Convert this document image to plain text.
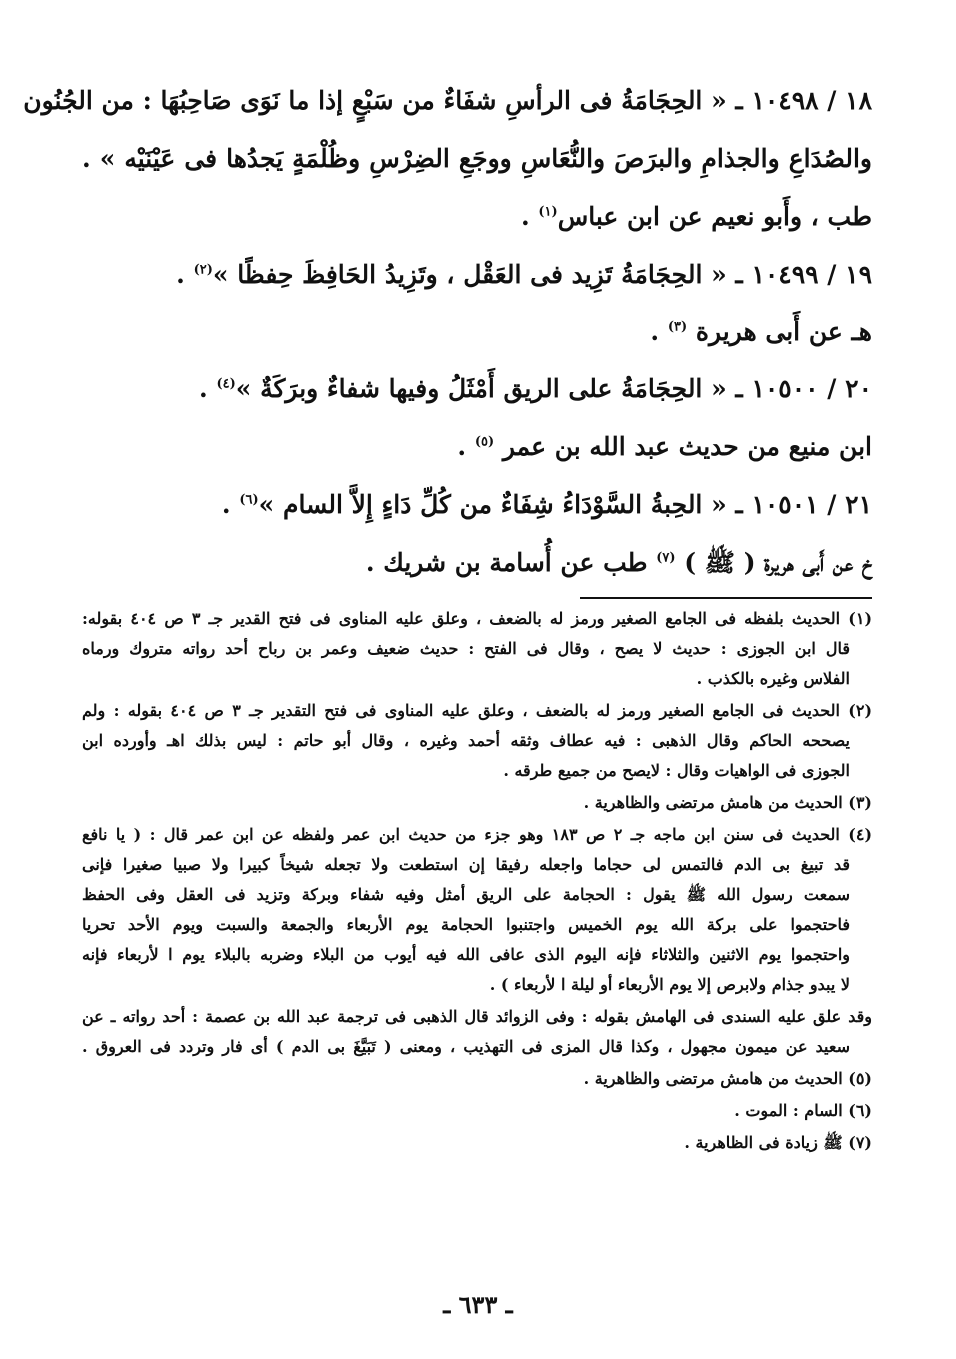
١٨ / ١٠٤٩٨ ـ « الحِجَامَةُ فى الرأسِ شفَاءٌ من سَبْعٍ إذا ما نَوَى صَاحِبُهَا : من الجُنُون
والصُدَاعِ والجذامِ والبرَصَ والنُّعَاسِ ووجَعِ الضِرْسِ وظُلْمَةٍ يَجدُها فى عَيْنَيْه » .
طب ، وأَبو نعيم عن ابن عباس$^{(١)}$ .
١٩ / ١٠٤٩٩ ـ « الحِجَامَةُ تَزِيد فى العَقْل ، وتَزِيدُ الحَافِظَ حِفظًا »$^{(٢)}$ .
هـ عن أَبى هريرة $^{(٣)}$ .
٢٠ / ١٠٥٠٠ ـ « الحِجَامَةُ على الريق أَمْثَلُ وفيها شفاءٌ وبرَكَةٌ »$^{(٤)}$ .
ابن منيع من حديث عبد الله بن عمر $^{(٥)}$ .
٢١ / ١٠٥٠١ ـ « الحِبةُ السَّوْدَاءُ شِفَاءٌ من كُلِّ دَاءٍ إِلاَّ السام »$^{(٦)}$ .
خ عن أَبى هريرة ( ﷺ ) $^{(٧)}$ طب عن أُسامة بن شريك .
(١) الحديث بلفظه فى الجامع الصغير ورمز له بالضعف ، وعلق عليه المناوى فى فتح القدير جـ ٣ ص ٤٠٤ بقوله:
قال ابن الجوزى : حديث لا يصح ، وقال فى الفتح : حديث ضعيف وعمر بن رباح أحد رواته متروك ورماه
الفلاس وغيره بالكذب .
(٢) الحديث فى الجامع الصغير ورمز له بالضعف ، وعلق عليه المناوى فى فتح التقدير جـ ٣ ص ٤٠٤ بقوله : ولم
يصححه الحاكم وقال الذهبى : فيه عطاف وثقه أحمد وغيره ، وقال أبو حاتم : ليس بذلك اهـ وأورده ابن
الجوزى فى الواهيات وقال : لايصح من جميع طرقه .
(٣) الحديث من هامش مرتضى والظاهرية .
(٤) الحديث فى سنن ابن ماجه جـ ٢ ص ١٨٣ وهو جزء من حديث ابن عمر ولفظه عن ابن عمر قال : ( يا نافع
قد تبيغ بى الدم فالتمس لى حجاما واجعله رفيقا إن استطعت ولا تجعله شيخاً كبيرا ولا صبيا صغيرا فإنى
سمعت رسول الله ﷺ يقول : الحجامة على الريق أمثل وفيه شفاء وبركة وتزيد فى العقل وفى الحفظ
فاحتجموا على بركة الله يوم الخميس واجتنبوا الحجامة يوم الأربعاء والجمعة والسبت ويوم الأحد تحريا
واحتجموا يوم الاثنين والثلاثاء فإنه اليوم الذى عافى الله فيه أيوب من البلاء وضربه بالبلاء يوم ا لأربعاء فإنه
لا يبدو جذام ولابرص إلا يوم الأربعاء أو ليلة ا لأربعاء ) .
وقد علق عليه السندى فى الهامش بقوله : وفى الزوائد قال الذهبى فى ترجمة عبد الله بن عصمة : أحد رواته ـ عن
سعيد عن ميمون مجهول ، وكذا قال المزى فى التهذيب ، ومعنى ( تَبَيَّغَ بى الدم ) أى فار وتردد فى العروق .
(٥) الحديث من هامش مرتضى والظاهرية .
(٦) السام : الموت .
(٧) ﷺ زيادة فى الظاهرية .
ـ ٦٣٣ ـ
